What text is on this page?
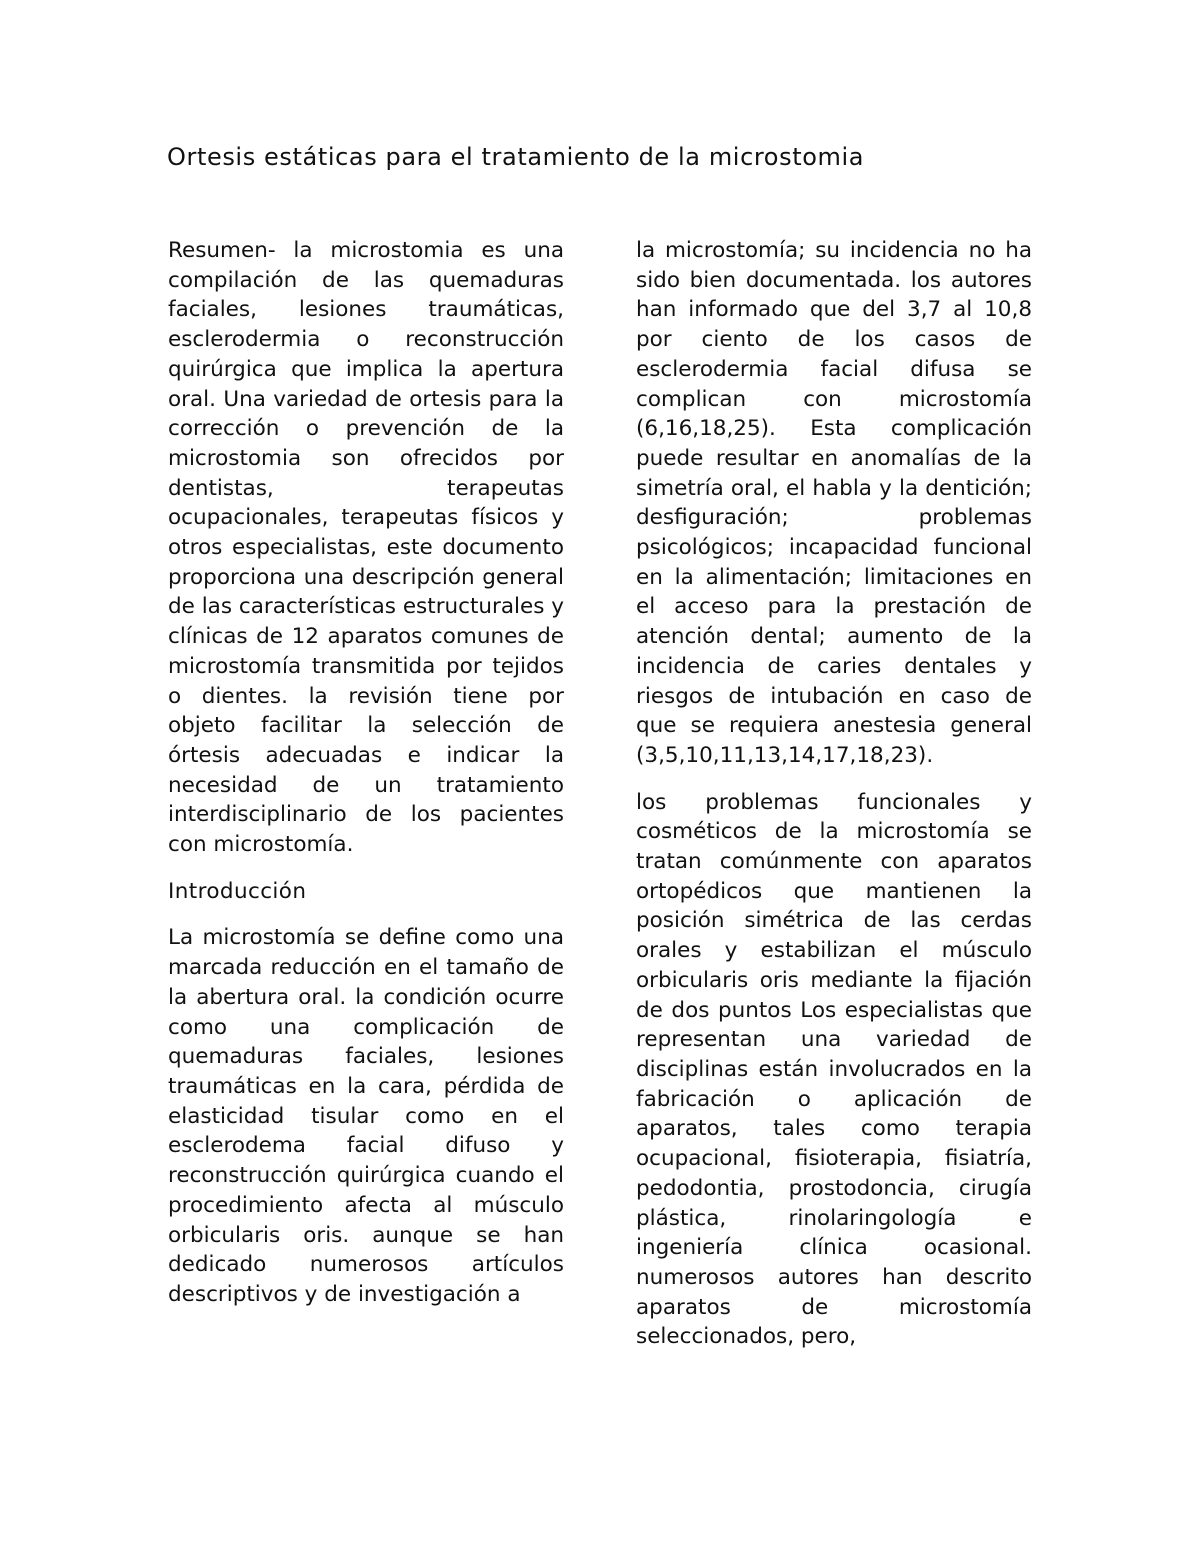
Ortesis estáticas para el tratamiento de la microstomia

Resumen- la microstomia es una compilación de las quemaduras faciales, lesiones traumáticas, esclerodermia o reconstrucción quirúrgica que implica la apertura oral. Una variedad de ortesis para la corrección o prevención de la microstomia son ofrecidos por dentistas, terapeutas ocupacionales, terapeutas físicos y otros especialistas, este documento proporciona una descripción general de las características estructurales y clínicas de 12 aparatos comunes de microstomía transmitida por tejidos o dientes. la revisión tiene por objeto facilitar la selección de órtesis adecuadas e indicar la necesidad de un tratamiento interdisciplinario de los pacientes con microstomía.

Introducción

La microstomía se define como una marcada reducción en el tamaño de la abertura oral. la condición ocurre como una complicación de quemaduras faciales, lesiones traumáticas en la cara, pérdida de elasticidad tisular como en el esclerodema facial difuso y reconstrucción quirúrgica cuando el procedimiento afecta al músculo orbicularis oris. aunque se han dedicado numerosos artículos descriptivos y de investigación a

la microstomía; su incidencia no ha sido bien documentada. los autores han informado que del 3,7 al 10,8 por ciento de los casos de esclerodermia facial difusa se complican con microstomía (6,16,18,25). Esta complicación puede resultar en anomalías de la simetría oral, el habla y la dentición; desfiguración; problemas psicológicos; incapacidad funcional en la alimentación; limitaciones en el acceso para la prestación de atención dental; aumento de la incidencia de caries dentales y riesgos de intubación en caso de que se requiera anestesia general (3,5,10,11,13,14,17,18,23).

los problemas funcionales y cosméticos de la microstomía se tratan comúnmente con aparatos ortopédicos que mantienen la posición simétrica de las cerdas orales y estabilizan el músculo orbicularis oris mediante la fijación de dos puntos Los especialistas que representan una variedad de disciplinas están involucrados en la fabricación o aplicación de aparatos, tales como terapia ocupacional, fisioterapia, fisiatría, pedodontia, prostodoncia, cirugía plástica, rinolaringología e ingeniería clínica ocasional. numerosos autores han descrito aparatos de microstomía seleccionados, pero,
